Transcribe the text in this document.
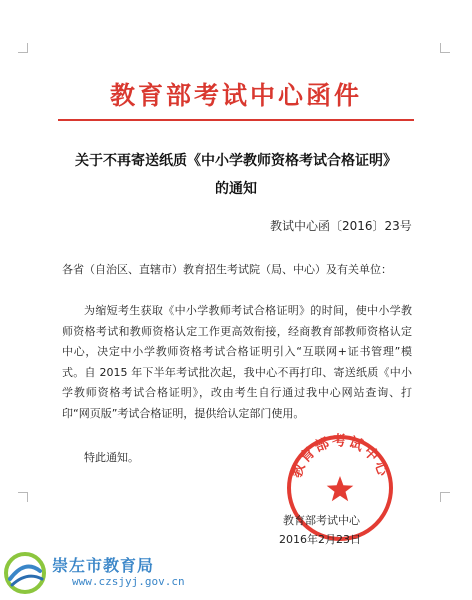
教育部考试中心函件
关于不再寄送纸质《中小学教师资格考试合格证明》
的通知
教试中心函〔2016〕23号
各省（自治区、直辖市）教育招生考试院（局、中心）及有关单位：
为缩短考生获取《中小学教师考试合格证明》的时间，使中小学教师资格考试和教师资格认定工作更高效衔接，经商教育部教师资格认定中心，决定中小学教师资格考试合格证明引入“互联网+证书管理”模式。自 2015 年下半年考试批次起，我中心不再打印、寄送纸质《中小学教师资格考试合格证明》，改由考生自行通过我中心网站查询、打印“网页版”考试合格证明，提供给认定部门使用。
特此通知。
教育部考试中心
教育部考试中心
2016年2月23日
崇左市教育局
www.czsjyj.gov.cn
